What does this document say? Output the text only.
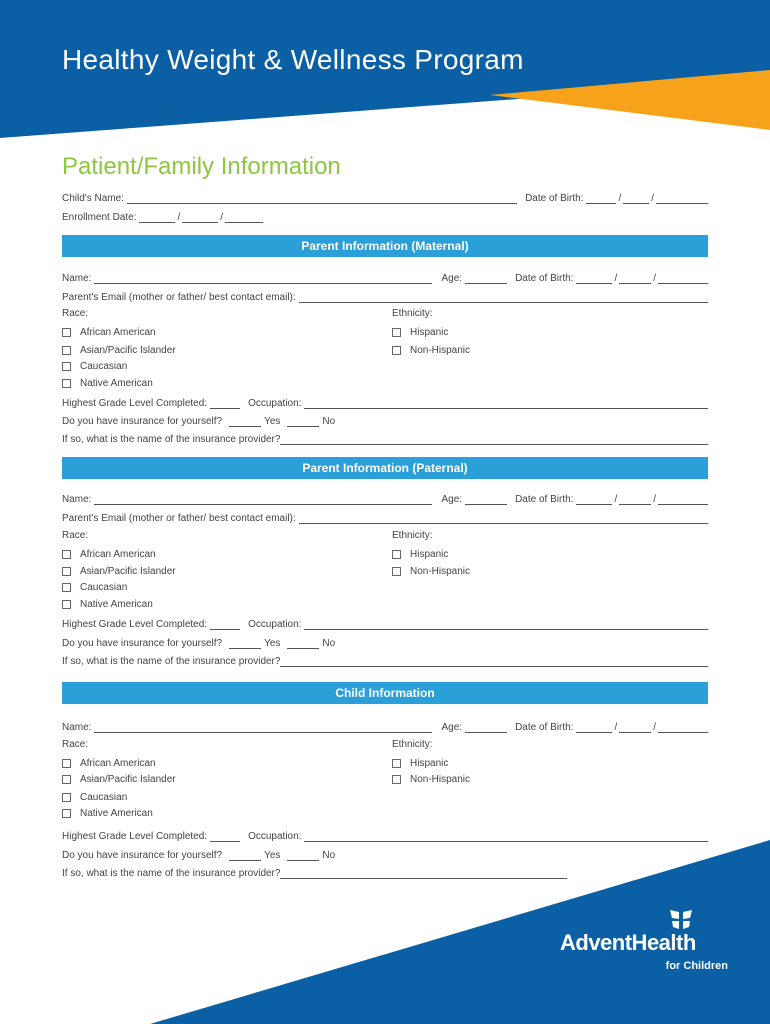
Healthy Weight & Wellness Program
Patient/Family Information
Child's Name:	Date of Birth:	/	/
Enrollment Date:	/	/
Parent Information (Maternal)
Name:	Age:	Date of Birth:	/	/
Parent's Email (mother or father/ best contact email):
Race:	Ethnicity:
African American
Asian/Pacific Islander
Caucasian
Native American
Hispanic
Non-Hispanic
Highest Grade Level Completed:	Occupation:
Do you have insurance for yourself?	Yes	No
If so, what is the name of the insurance provider?
Parent Information (Paternal)
Name:	Age:	Date of Birth:	/	/
Parent's Email (mother or father/ best contact email):
Race:	Ethnicity:
African American
Asian/Pacific Islander
Caucasian
Native American
Hispanic
Non-Hispanic
Highest Grade Level Completed:	Occupation:
Do you have insurance for yourself?	Yes	No
If so, what is the name of the insurance provider?
Child Information
Name:	Age:	Date of Birth:	/	/
Race:	Ethnicity:
African American
Asian/Pacific Islander
Caucasian
Native American
Hispanic
Non-Hispanic
Highest Grade Level Completed:	Occupation:
Do you have insurance for yourself?	Yes	No
If so, what is the name of the insurance provider?
AdventHealth
for Children
